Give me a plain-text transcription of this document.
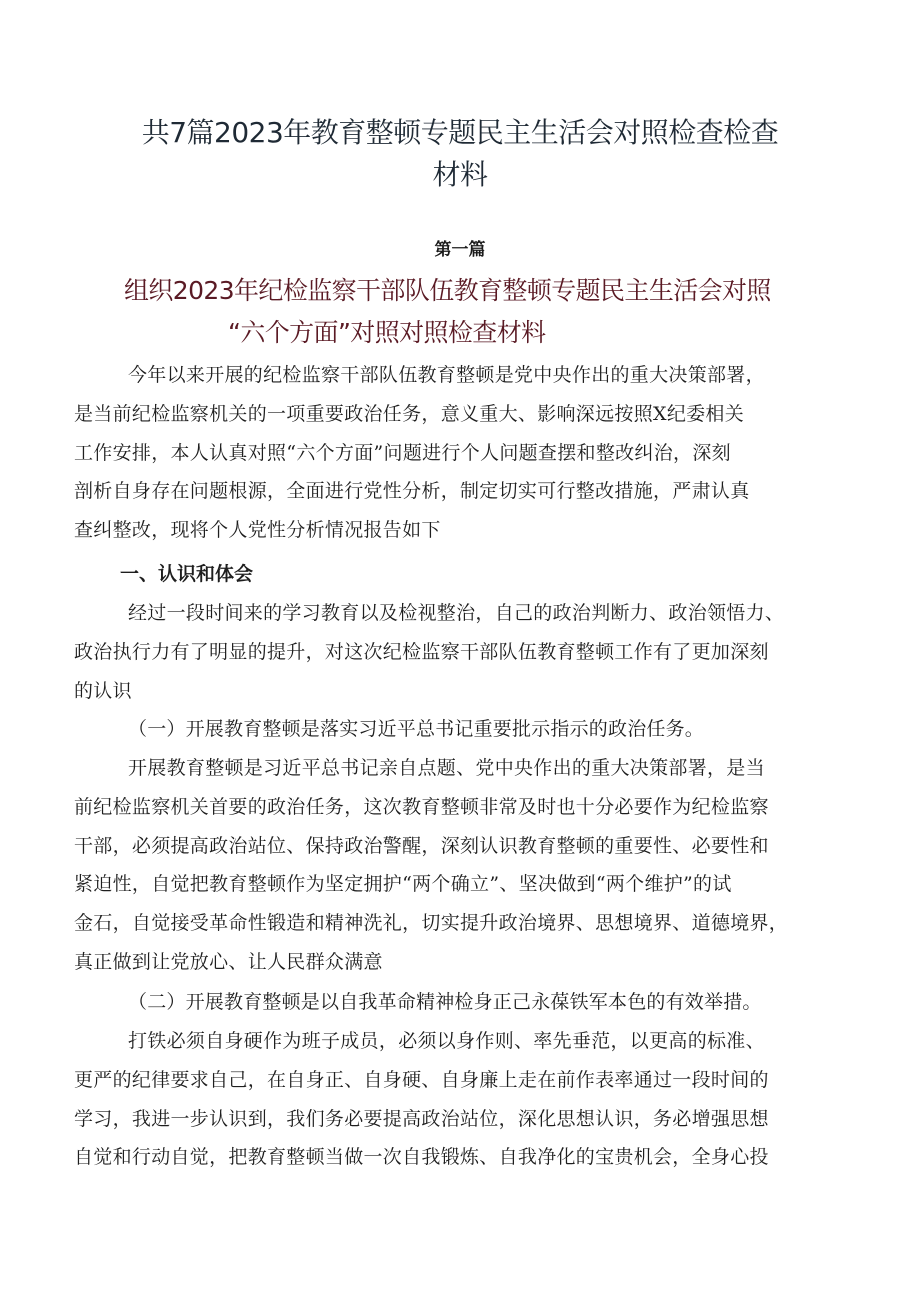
共7篇2023年教育整顿专题民主生活会对照检查检查
材料
第一篇
组织2023年纪检监察干部队伍教育整顿专题民主生活会对照
“六个方面”对照对照检查材料

今年以来开展的纪检监察干部队伍教育整顿是党中央作出的重大决策部署，
是当前纪检监察机关的一项重要政治任务，意义重大、影响深远按照X纪委相关
工作安排，本人认真对照“六个方面”问题进行个人问题查摆和整改纠治，深刻
剖析自身存在问题根源，全面进行党性分析，制定切实可行整改措施，严肃认真
查纠整改，现将个人党性分析情况报告如下

一、认识和体会

经过一段时间来的学习教育以及检视整治，自己的政治判断力、政治领悟力、
政治执行力有了明显的提升，对这次纪检监察干部队伍教育整顿工作有了更加深刻
的认识

（一）开展教育整顿是落实习近平总书记重要批示指示的政治任务。

开展教育整顿是习近平总书记亲自点题、党中央作出的重大决策部署，是当
前纪检监察机关首要的政治任务，这次教育整顿非常及时也十分必要作为纪检监察
干部，必须提高政治站位、保持政治警醒，深刻认识教育整顿的重要性、必要性和
紧迫性，自觉把教育整顿作为坚定拥护“两个确立”、坚决做到“两个维护”的试
金石，自觉接受革命性锻造和精神洗礼，切实提升政治境界、思想境界、道德境界，
真正做到让党放心、让人民群众满意

（二）开展教育整顿是以自我革命精神检身正己永葆铁军本色的有效举措。

打铁必须自身硬作为班子成员，必须以身作则、率先垂范，以更高的标准、
更严的纪律要求自己，在自身正、自身硬、自身廉上走在前作表率通过一段时间的
学习，我进一步认识到，我们务必要提高政治站位，深化思想认识，务必增强思想
自觉和行动自觉，把教育整顿当做一次自我锻炼、自我净化的宝贵机会，全身心投
